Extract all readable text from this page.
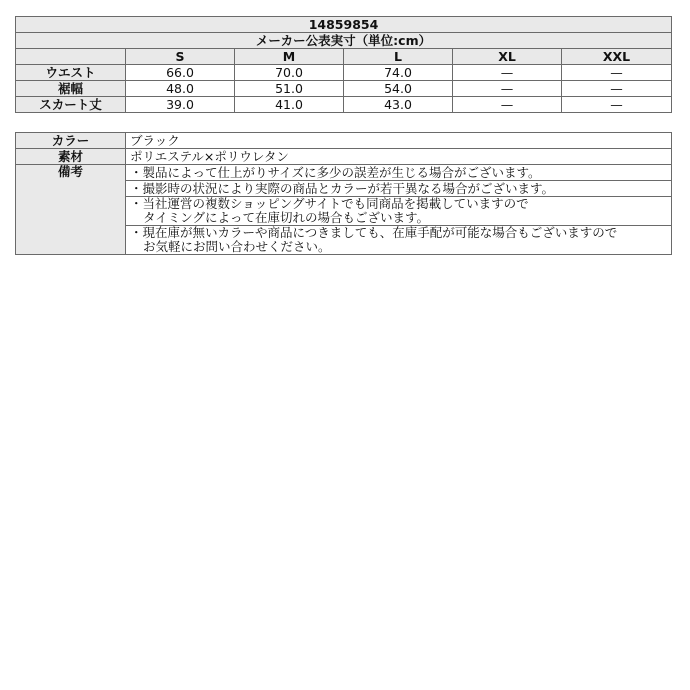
14859854					
メーカー公表実寸（単位:cm）					
	S	M	L	XL	XXL
ウエスト	66.0	70.0	74.0	—	—
裾幅	48.0	51.0	54.0	—	—
スカート丈	39.0	41.0	43.0	—	—
カラー	ブラック
素材	ポリエステル×ポリウレタン
備考	・製品によって仕上がりサイズに多少の誤差が生じる場合がございます。

	・撮影時の状況により実際の商品とカラーが若干異なる場合がございます。

	・当社運営の複数ショッピングサイトでも同商品を掲載していますので
タイミングによって在庫切れの場合もございます。

	・現在庫が無いカラーや商品につきましても、在庫手配が可能な場合もございますので
お気軽にお問い合わせください。
